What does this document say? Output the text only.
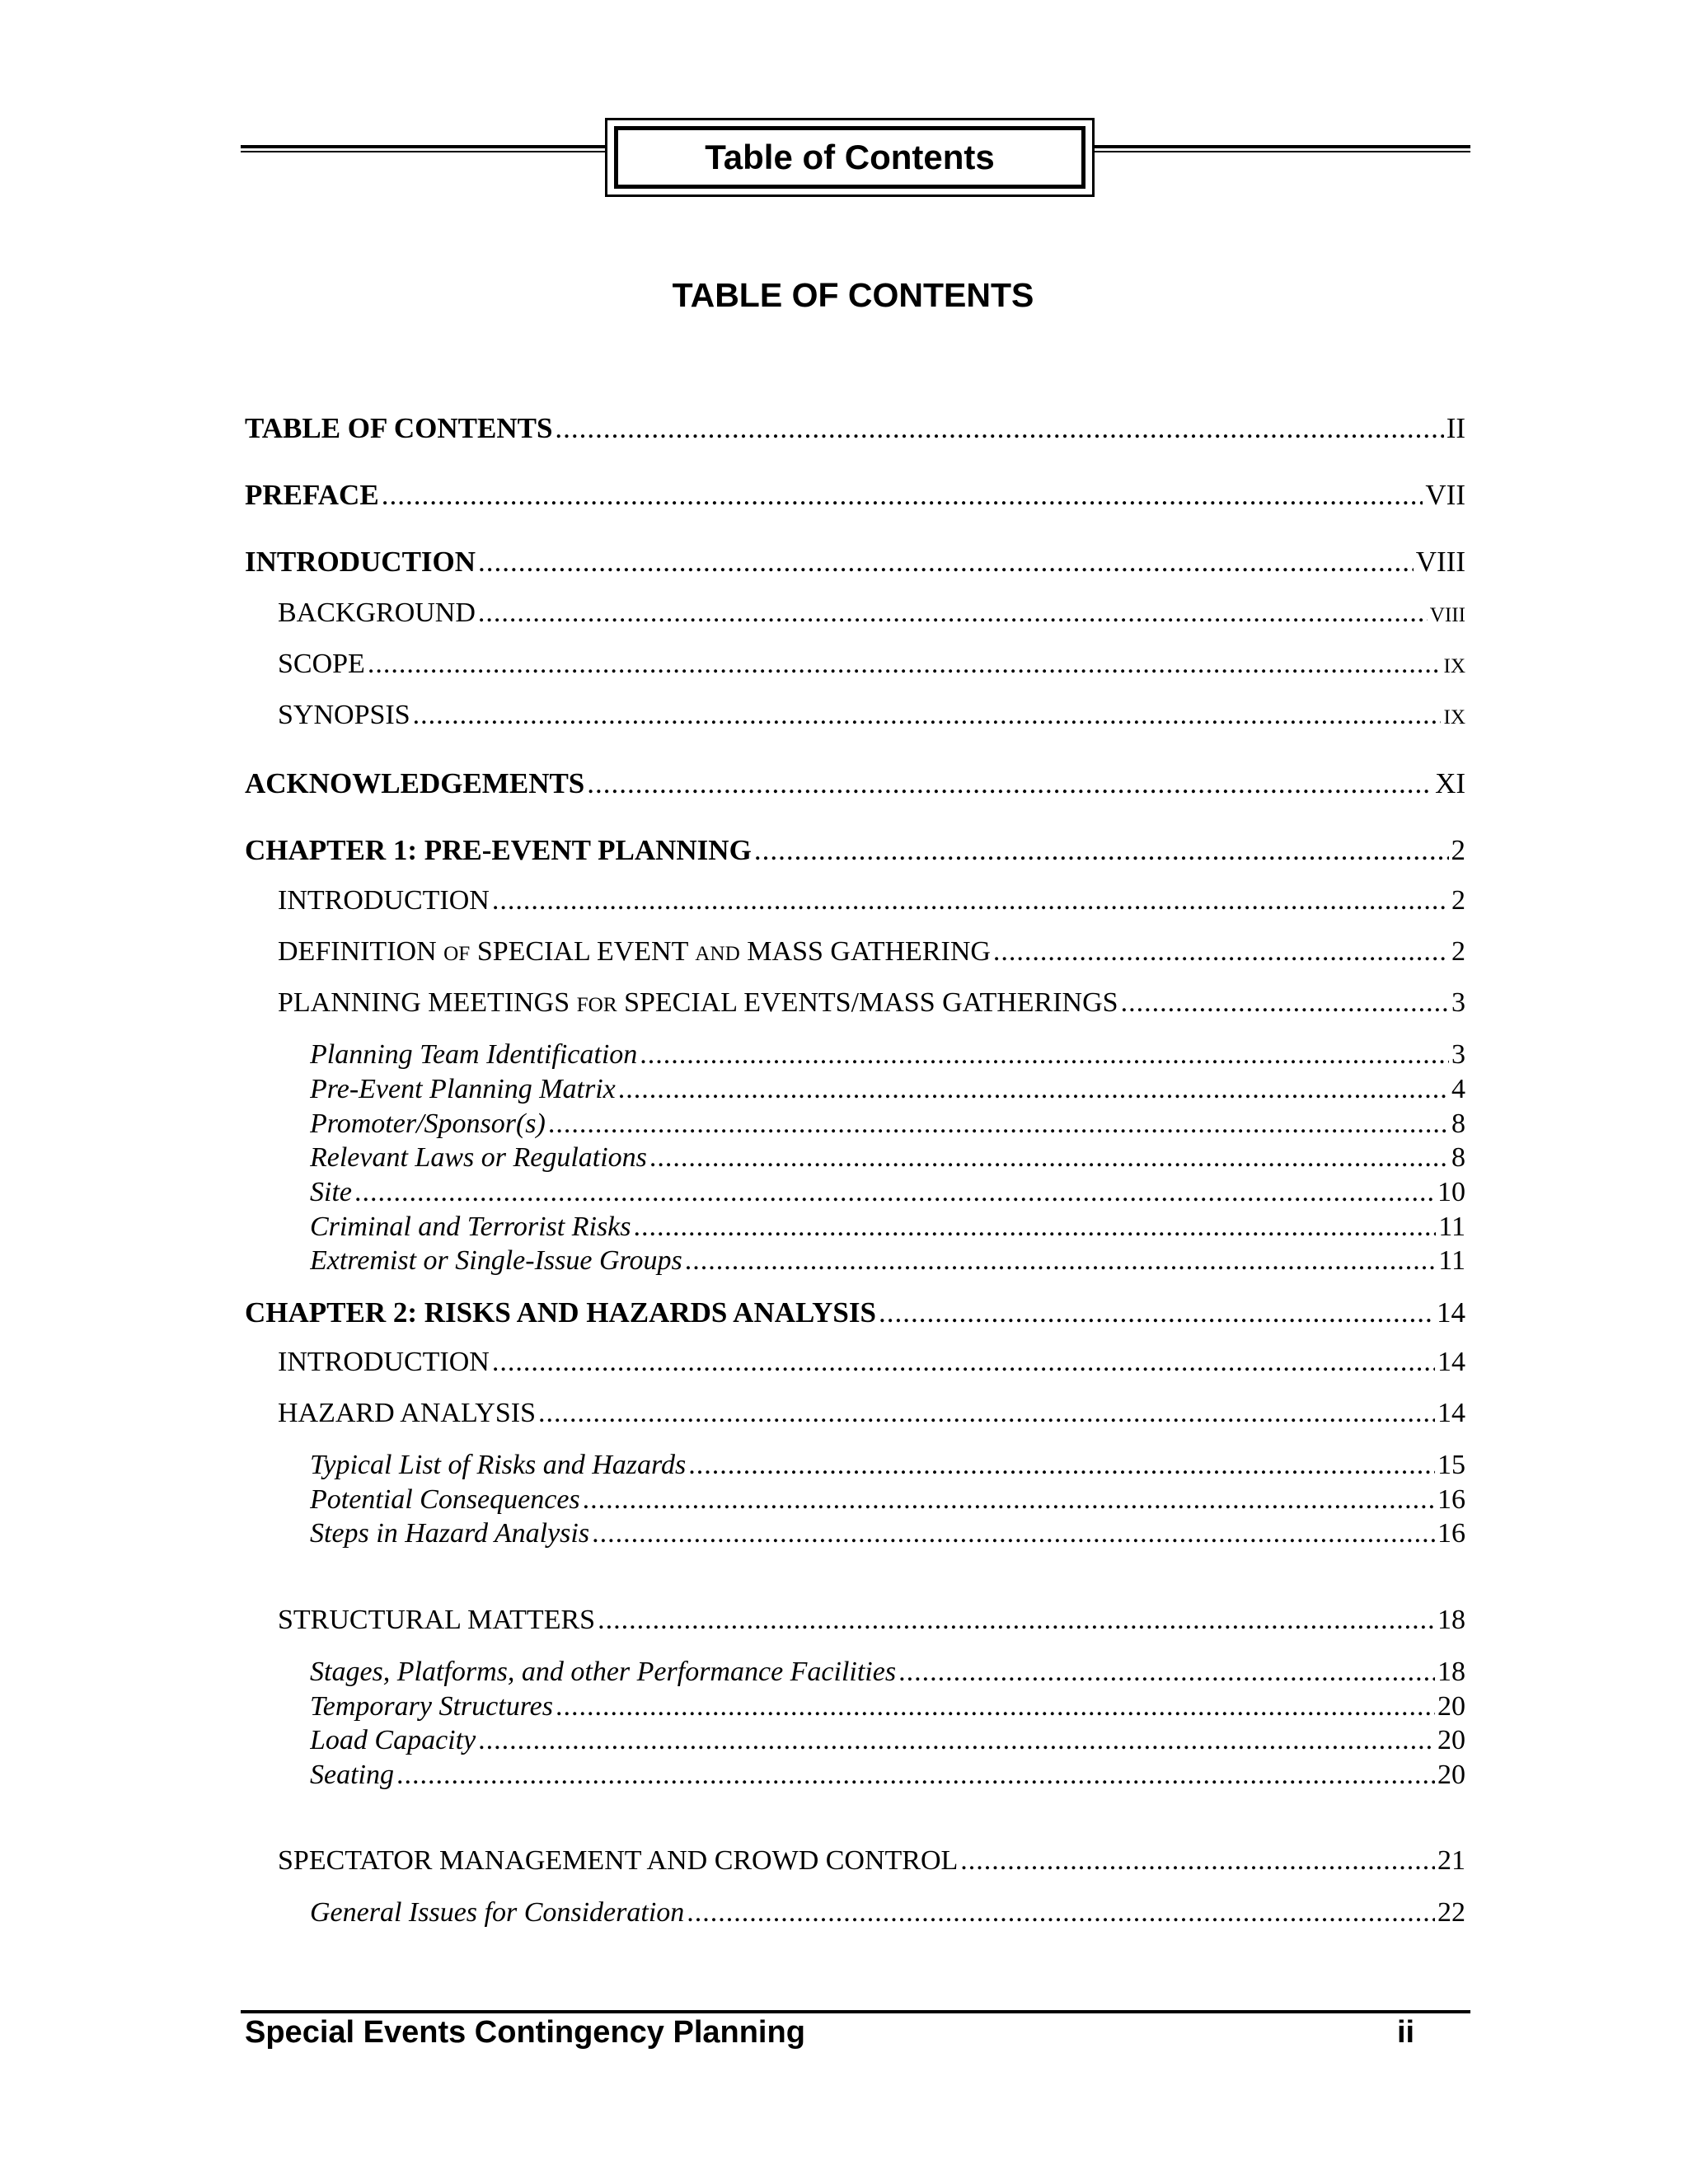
Table of Contents
TABLE OF CONTENTS
TABLE OF CONTENTS .....	II
PREFACE .....	VII
INTRODUCTION .....	VIII
BACKGROUND .....	VIII
SCOPE .....	IX
SYNOPSIS .....	IX
ACKNOWLEDGEMENTS .....	XI
CHAPTER 1: PRE-EVENT PLANNING .....	2
INTRODUCTION .....	2
DEFINITION OF SPECIAL EVENT AND MASS GATHERING .....	2
PLANNING MEETINGS FOR SPECIAL EVENTS/MASS GATHERINGS .....	3
Planning Team Identification .....	3
Pre-Event Planning Matrix .....	4
Promoter/Sponsor(s) .....	8
Relevant Laws or Regulations .....	8
Site .....	10
Criminal and Terrorist Risks .....	11
Extremist or Single-Issue Groups .....	11
CHAPTER 2: RISKS AND HAZARDS ANALYSIS .....	14
INTRODUCTION .....	14
HAZARD ANALYSIS .....	14
Typical List of Risks and Hazards .....	15
Potential Consequences .....	16
Steps in Hazard Analysis .....	16
STRUCTURAL MATTERS .....	18
Stages, Platforms, and other Performance Facilities .....	18
Temporary Structures .....	20
Load Capacity .....	20
Seating .....	20
SPECTATOR MANAGEMENT AND CROWD CONTROL .....	21
General Issues for Consideration .....	22
Special Events Contingency Planning	ii
